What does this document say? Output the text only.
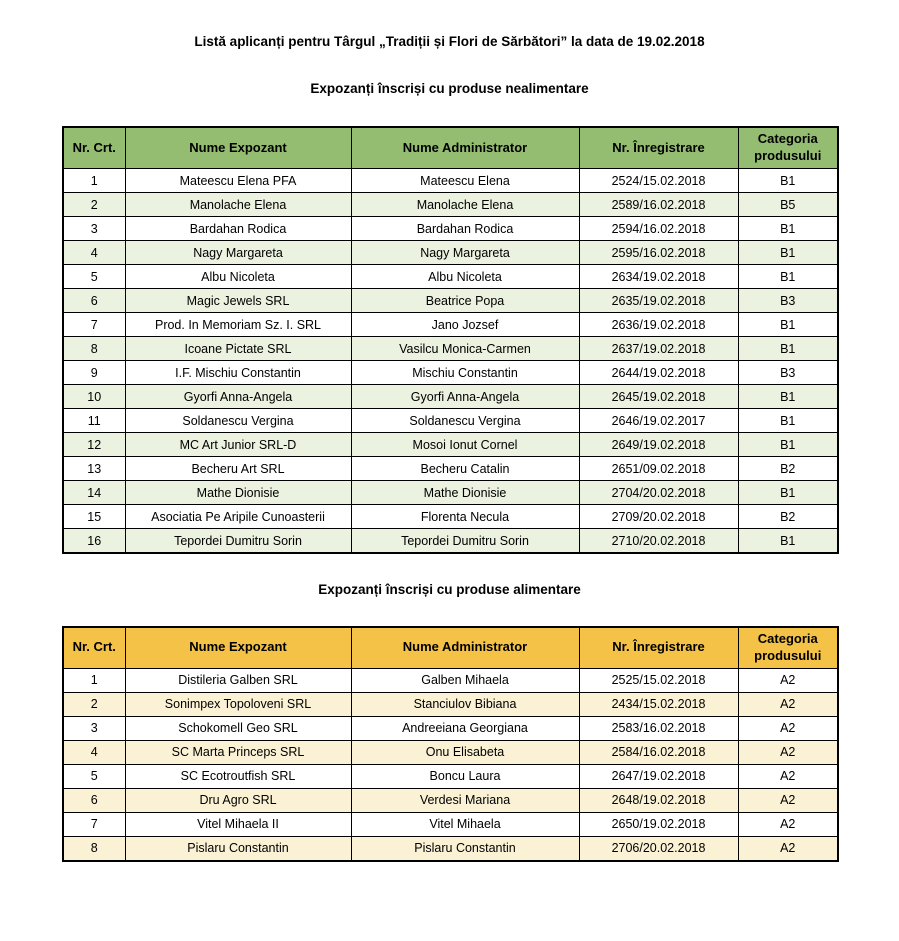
Listă aplicanți pentru Târgul „Tradiții și Flori de Sărbători” la data de 19.02.2018
Expozanți înscriși cu produse nealimentare
Nr. Crt.	Nume Expozant	Nume Administrator	Nr. Înregistrare	Categoria produsului
1	Mateescu Elena PFA	Mateescu Elena	2524/15.02.2018	B1
2	Manolache Elena	Manolache Elena	2589/16.02.2018	B5
3	Bardahan Rodica	Bardahan Rodica	2594/16.02.2018	B1
4	Nagy Margareta	Nagy Margareta	2595/16.02.2018	B1
5	Albu Nicoleta	Albu Nicoleta	2634/19.02.2018	B1
6	Magic Jewels SRL	Beatrice Popa	2635/19.02.2018	B3
7	Prod. In Memoriam Sz. I. SRL	Jano Jozsef	2636/19.02.2018	B1
8	Icoane Pictate SRL	Vasilcu Monica-Carmen	2637/19.02.2018	B1
9	I.F. Mischiu Constantin	Mischiu Constantin	2644/19.02.2018	B3
10	Gyorfi Anna-Angela	Gyorfi Anna-Angela	2645/19.02.2018	B1
11	Soldanescu Vergina	Soldanescu Vergina	2646/19.02.2017	B1
12	MC Art Junior SRL-D	Mosoi Ionut Cornel	2649/19.02.2018	B1
13	Becheru Art SRL	Becheru Catalin	2651/09.02.2018	B2
14	Mathe Dionisie	Mathe Dionisie	2704/20.02.2018	B1
15	Asociatia Pe Aripile Cunoasterii	Florenta Necula	2709/20.02.2018	B2
16	Tepordei Dumitru Sorin	Tepordei Dumitru Sorin	2710/20.02.2018	B1
Expozanți înscriși cu produse alimentare
Nr. Crt.	Nume Expozant	Nume Administrator	Nr. Înregistrare	Categoria produsului
1	Distileria Galben SRL	Galben Mihaela	2525/15.02.2018	A2
2	Sonimpex Topoloveni SRL	Stanciulov Bibiana	2434/15.02.2018	A2
3	Schokomell Geo SRL	Andreeiana Georgiana	2583/16.02.2018	A2
4	SC Marta Princeps SRL	Onu Elisabeta	2584/16.02.2018	A2
5	SC Ecotroutfish SRL	Boncu Laura	2647/19.02.2018	A2
6	Dru Agro SRL	Verdesi Mariana	2648/19.02.2018	A2
7	Vitel Mihaela II	Vitel Mihaela	2650/19.02.2018	A2
8	Pislaru Constantin	Pislaru Constantin	2706/20.02.2018	A2
